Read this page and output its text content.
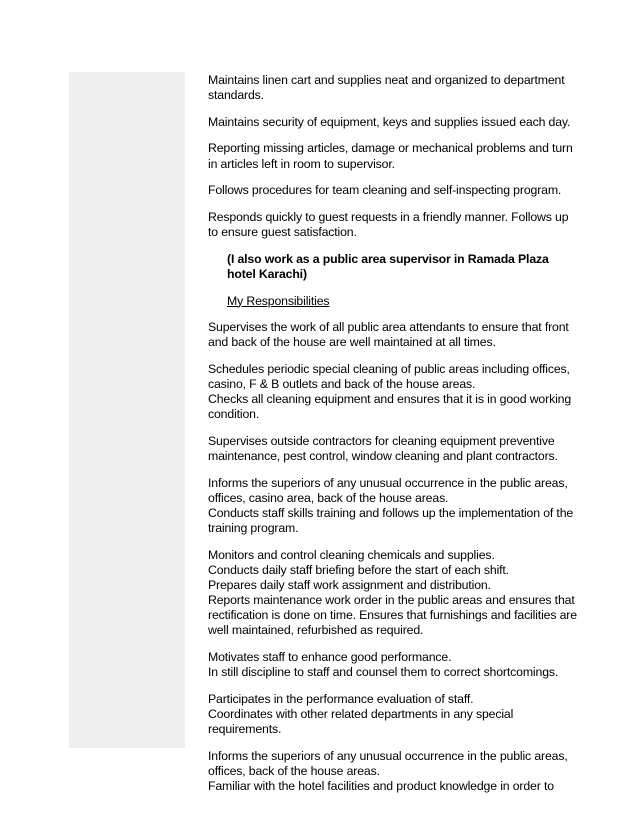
Maintains linen cart and supplies neat and organized to department
standards.

Maintains security of equipment, keys and supplies issued each day.

Reporting missing articles, damage or mechanical problems and turn
in articles left in room to supervisor.

Follows procedures for team cleaning and self-inspecting program.

Responds quickly to guest requests in a friendly manner. Follows up
to ensure guest satisfaction.

(I also work as a public area supervisor in Ramada Plaza
hotel Karachi)

My Responsibilities

Supervises the work of all public area attendants to ensure that front
and back of the house are well maintained at all times.

Schedules periodic special cleaning of public areas including offices,
casino, F & B outlets and back of the house areas.
Checks all cleaning equipment and ensures that it is in good working
condition.

Supervises outside contractors for cleaning equipment preventive
maintenance, pest control, window cleaning and plant contractors.

Informs the superiors of any unusual occurrence in the public areas,
offices, casino area, back of the house areas.
Conducts staff skills training and follows up the implementation of the
training program.

Monitors and control cleaning chemicals and supplies.
Conducts daily staff briefing before the start of each shift.
Prepares daily staff work assignment and distribution.
Reports maintenance work order in the public areas and ensures that
rectification is done on time. Ensures that furnishings and facilities are
well maintained, refurbished as required.

Motivates staff to enhance good performance.
In still discipline to staff and counsel them to correct shortcomings.

Participates in the performance evaluation of staff.
Coordinates with other related departments in any special
requirements.

Informs the superiors of any unusual occurrence in the public areas,
offices, back of the house areas.
Familiar with the hotel facilities and product knowledge in order to
